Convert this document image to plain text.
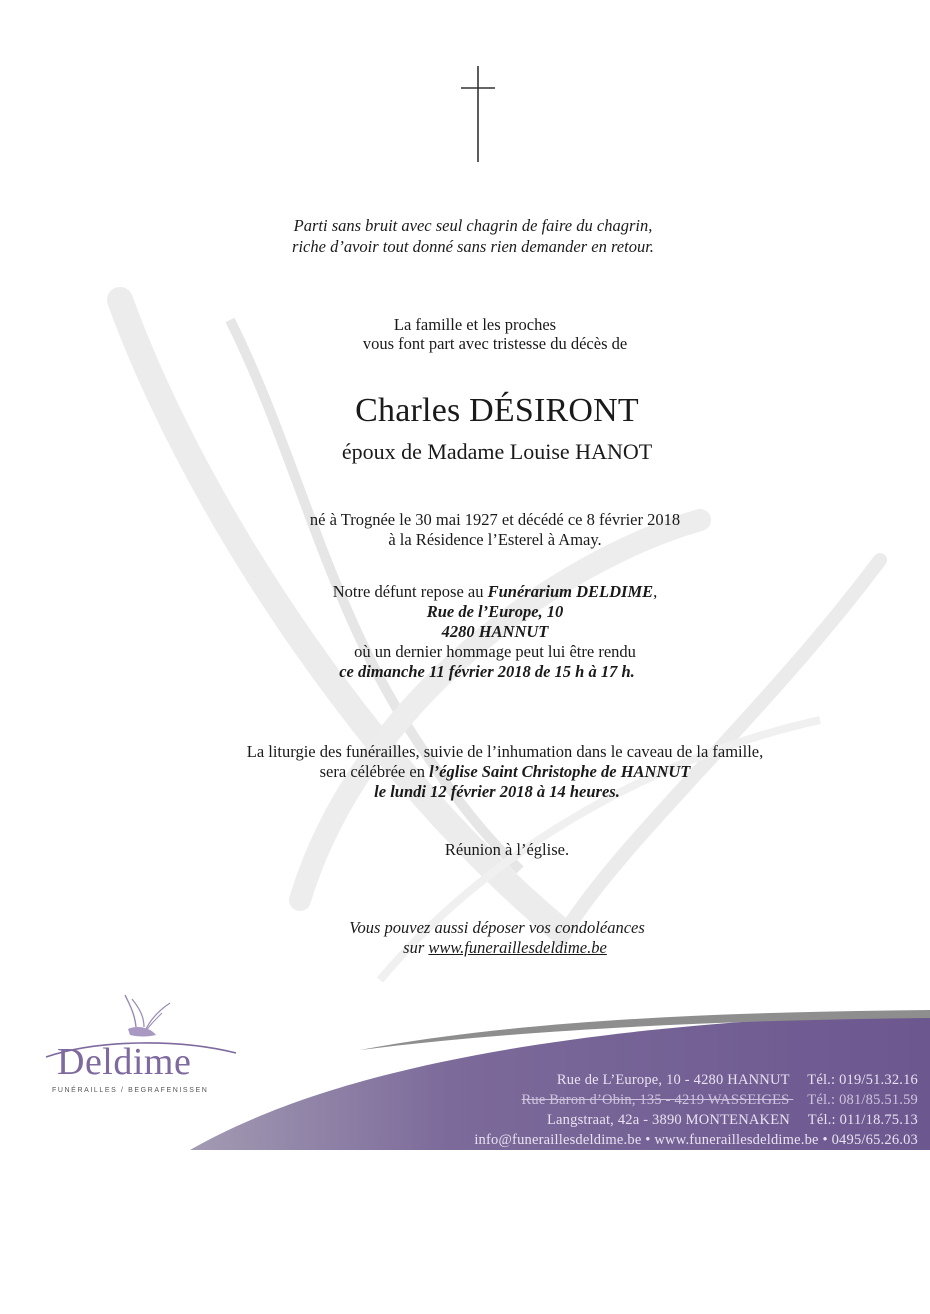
Parti sans bruit avec seul chagrin de faire du chagrin,
riche d’avoir tout donné sans rien demander en retour.
La famille et les proches
vous font part avec tristesse du décès de
Charles DÉSIRONT
époux de Madame Louise HANOT
né à Trognée le 30 mai 1927 et décédé ce 8 février 2018
à la Résidence l’Esterel à Amay.
Notre défunt repose au Funérarium DELDIME,
Rue de l’Europe, 10
4280 HANNUT
où un dernier hommage peut lui être rendu
ce dimanche 11 février 2018 de 15 h à 17 h.
La liturgie des funérailles, suivie de l’inhumation dans le caveau de la famille,
sera célébrée en l’église Saint Christophe de HANNUT
le lundi 12 février 2018 à 14 heures.
Réunion à l’église.
Vous pouvez aussi déposer vos condoléances
sur www.funeraillesdeldime.be
Rue de L’Europe, 10 - 4280 HANNUT Tél.: 019/51.32.16
Rue Baron d’Obin, 135 - 4219 WASSEIGES Tél.: 081/85.51.59
Langstraat, 42a - 3890 MONTENAKEN Tél.: 011/18.75.13
info@funeraillesdeldime.be • www.funeraillesdeldime.be • 0495/65.26.03
Deldime
FUNÉRAILLES / BEGRAFENISSEN
